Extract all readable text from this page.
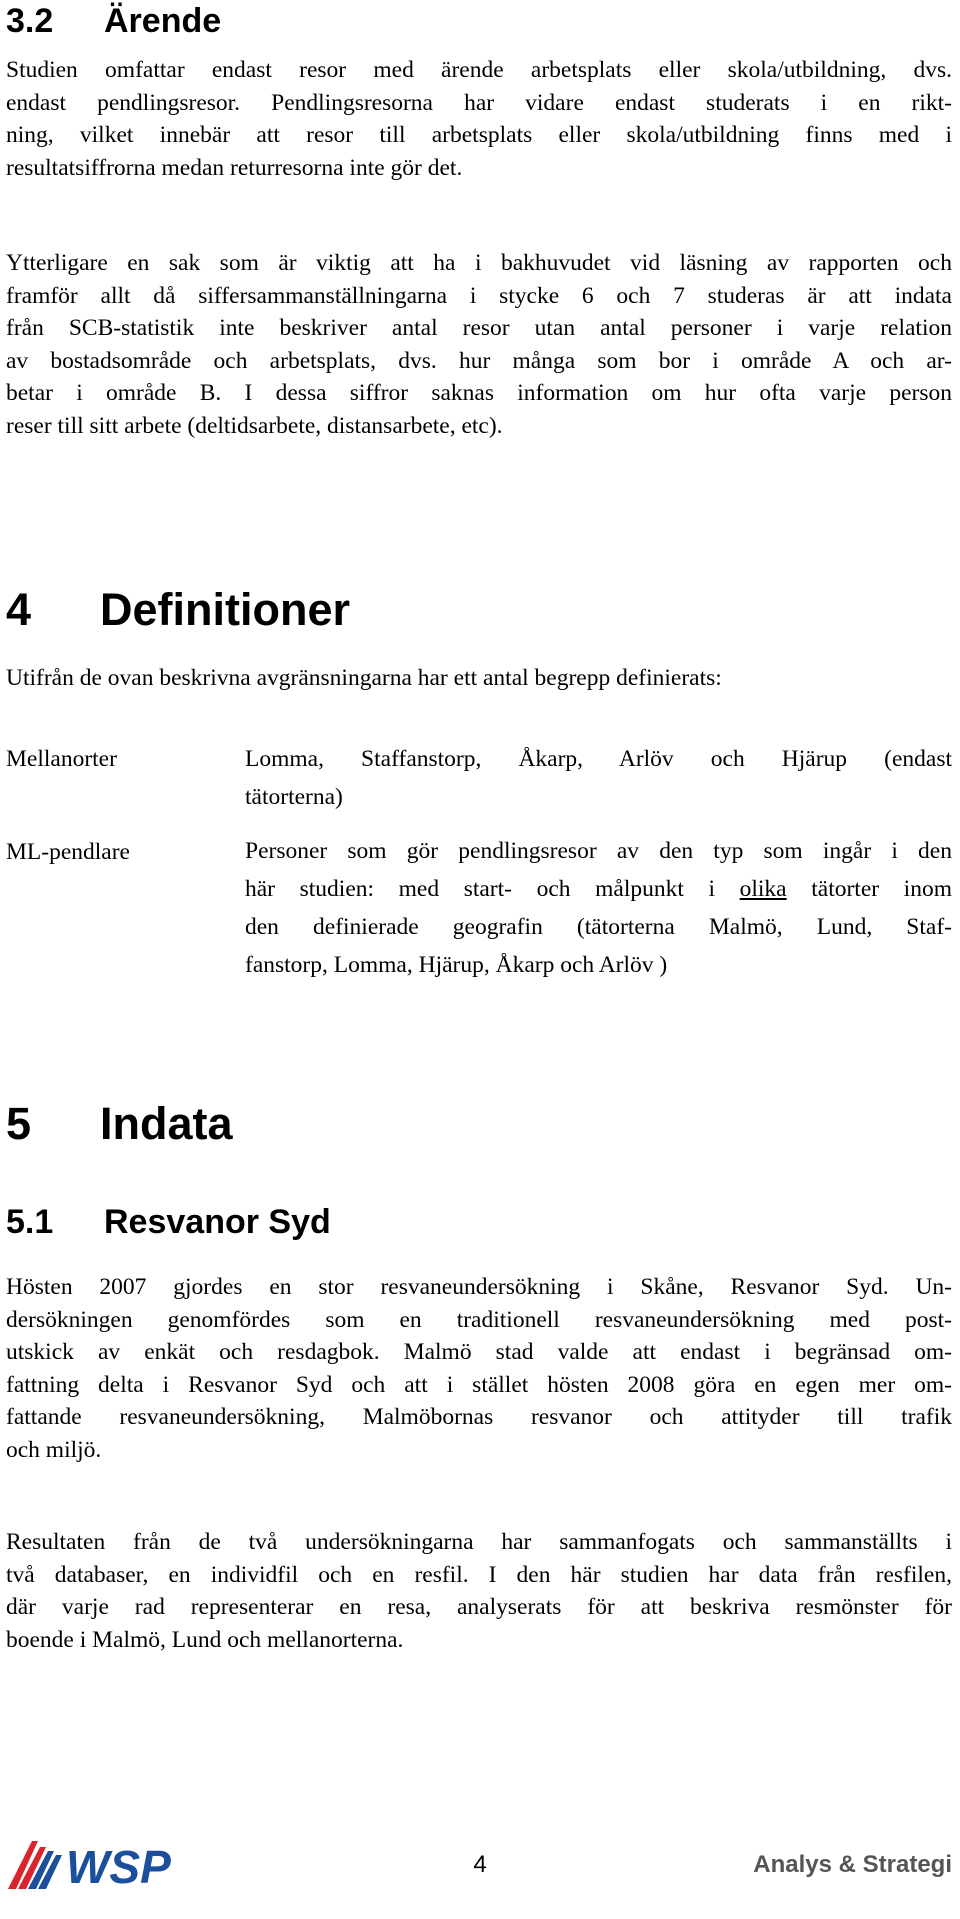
3.2 Ärende

Studien omfattar endast resor med ärende arbetsplats eller skola/utbildning, dvs.
endast pendlingsresor. Pendlingsresorna har vidare endast studerats i en rikt-
ning, vilket innebär att resor till arbetsplats eller skola/utbildning finns med i
resultatsiffrorna medan returresorna inte gör det.

Ytterligare en sak som är viktig att ha i bakhuvudet vid läsning av rapporten och
framför allt då siffersammanställningarna i stycke 6 och 7 studeras är att indata
från SCB-statistik inte beskriver antal resor utan antal personer i varje relation
av bostadsområde och arbetsplats, dvs. hur många som bor i område A och ar-
betar i område B. I dessa siffror saknas information om hur ofta varje person
reser till sitt arbete (deltidsarbete, distansarbete, etc).

4 Definitioner

Utifrån de ovan beskrivna avgränsningarna har ett antal begrepp definierats:

Mellanorter	Lomma, Staffanstorp, Åkarp, Arlöv och Hjärup (endast
tätorterna)

ML-pendlare	Personer som gör pendlingsresor av den typ som ingår i den
här studien: med start- och målpunkt i olika tätorter inom
den definierade geografin (tätorterna Malmö, Lund, Staf-
fanstorp, Lomma, Hjärup, Åkarp och Arlöv )

5 Indata
5.1 Resvanor Syd

Hösten 2007 gjordes en stor resvaneundersökning i Skåne, Resvanor Syd. Un-
dersökningen genomfördes som en traditionell resvaneundersökning med post-
utskick av enkät och resdagbok. Malmö stad valde att endast i begränsad om-
fattning delta i Resvanor Syd och att i stället hösten 2008 göra en egen mer om-
fattande resvaneundersökning, Malmöbornas resvanor och attityder till trafik
och miljö.

Resultaten från de två undersökningarna har sammanfogats och sammanställts i
två databaser, en individfil och en resfil. I den här studien har data från resfilen,
där varje rad representerar en resa, analyserats för att beskriva resmönster för
boende i Malmö, Lund och mellanorterna.

WSP	4	Analys & Strategi
